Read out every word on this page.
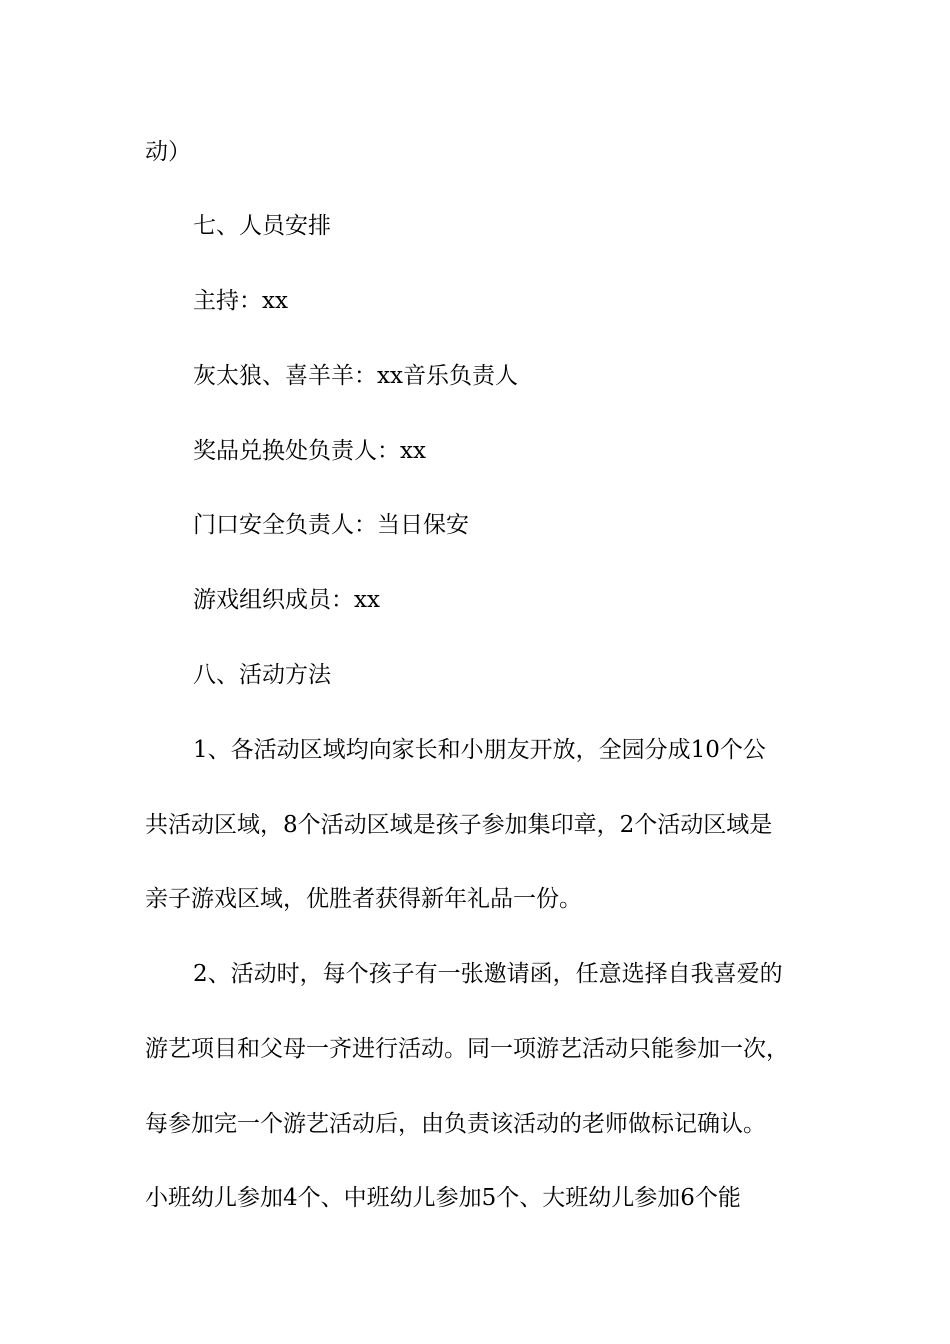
动）
七、人员安排
主持：xx
灰太狼、喜羊羊：xx音乐负责人
奖品兑换处负责人：xx
门口安全负责人：当日保安
游戏组织成员：xx
八、活动方法
1、各活动区域均向家长和小朋友开放，全园分成10个公
共活动区域，8个活动区域是孩子参加集印章，2个活动区域是
亲子游戏区域，优胜者获得新年礼品一份。
2、活动时，每个孩子有一张邀请函，任意选择自我喜爱的
游艺项目和父母一齐进行活动。同一项游艺活动只能参加一次，
每参加完一个游艺活动后，由负责该活动的老师做标记确认。
小班幼儿参加4个、中班幼儿参加5个、大班幼儿参加6个能
